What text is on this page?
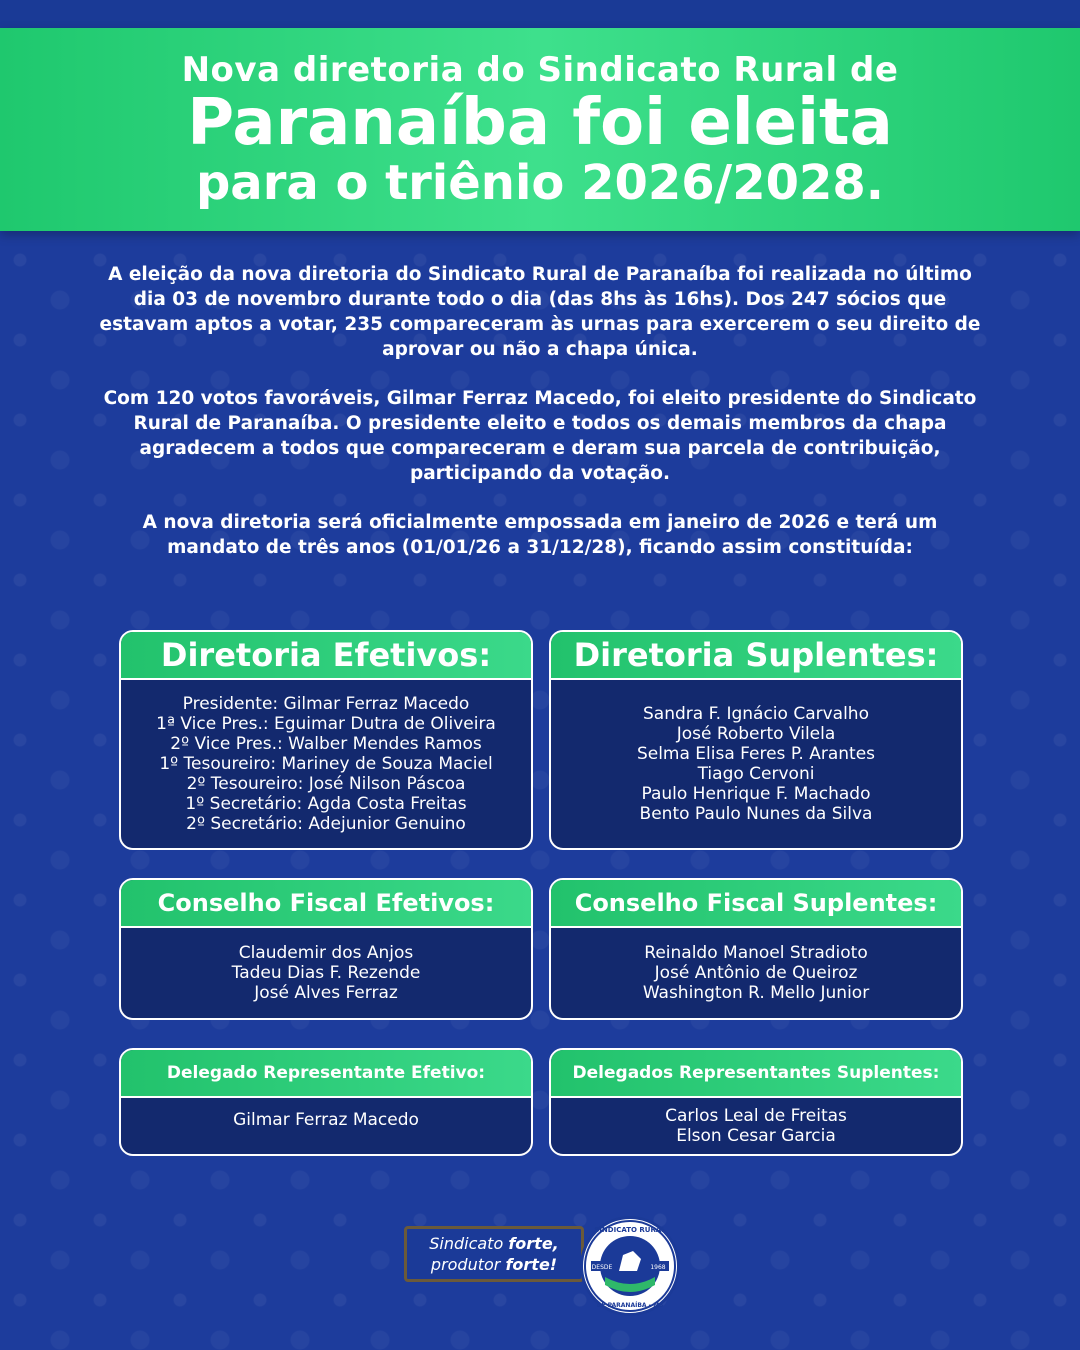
Nova diretoria do Sindicato Rural de
Paranaíba foi eleita
para o triênio 2026/2028.

A eleição da nova diretoria do Sindicato Rural de Paranaíba foi realizada no último dia 03 de novembro durante todo o dia (das 8hs às 16hs). Dos 247 sócios que estavam aptos a votar, 235 compareceram às urnas para exercerem o seu direito de aprovar ou não a chapa única.

Com 120 votos favoráveis, Gilmar Ferraz Macedo, foi eleito presidente do Sindicato Rural de Paranaíba. O presidente eleito e todos os demais membros da chapa agradecem a todos que compareceram e deram sua parcela de contribuição, participando da votação.

A nova diretoria será oficialmente empossada em janeiro de 2026 e terá um mandato de três anos (01/01/26 a 31/12/28), ficando assim constituída:

Diretoria Efetivos:
Presidente: Gilmar Ferraz Macedo
1ª Vice Pres.: Eguimar Dutra de Oliveira
2º Vice Pres.: Walber Mendes Ramos
1º Tesoureiro: Mariney de Souza Maciel
2º Tesoureiro: José Nilson Páscoa
1º Secretário: Agda Costa Freitas
2º Secretário: Adejunior Genuino
Diretoria Suplentes:
Sandra F. Ignácio Carvalho
José Roberto Vilela
Selma Elisa Feres P. Arantes
Tiago Cervoni
Paulo Henrique F. Machado
Bento Paulo Nunes da Silva
Conselho Fiscal Efetivos:
Claudemir dos Anjos
Tadeu Dias F. Rezende
José Alves Ferraz
Conselho Fiscal Suplentes:
Reinaldo Manoel Stradioto
José Antônio de Queiroz
Washington R. Mello Junior
Delegado Representante Efetivo:
Gilmar Ferraz Macedo
Delegados Representantes Suplentes:
Carlos Leal de Freitas
Elson Cesar Garcia
Sindicato forte,
produtor forte!	DESDE	1968
SINDICATO RURAL
DE PARANAÍBA - MS
